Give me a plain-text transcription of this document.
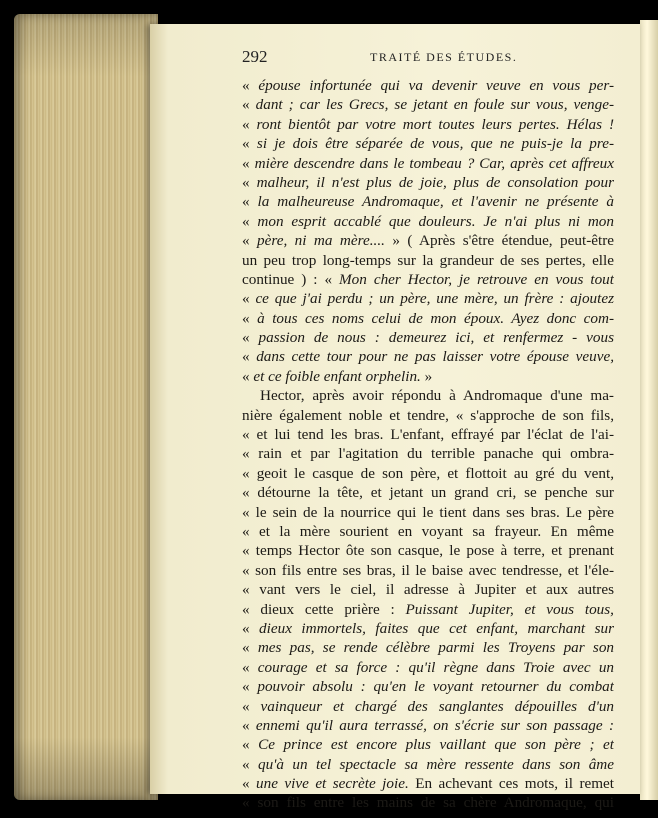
292	TRAITÉ DES ÉTUDES.
« épouse infortunée qui va devenir veuve en vous per-
« dant ; car les Grecs, se jetant en foule sur vous, venge-
« ront bientôt par votre mort toutes leurs pertes. Hélas !
« si je dois être séparée de vous, que ne puis-je la pre-
« mière descendre dans le tombeau ? Car, après cet affreux
« malheur, il n'est plus de joie, plus de consolation pour
« la malheureuse Andromaque, et l'avenir ne présente à
« mon esprit accablé que douleurs. Je n'ai plus ni mon
« père, ni ma mère.... » ( Après s'être étendue, peut-être
un peu trop long-temps sur la grandeur de ses pertes, elle
continue ) : « Mon cher Hector, je retrouve en vous tout
« ce que j'ai perdu ; un père, une mère, un frère : ajoutez
« à tous ces noms celui de mon époux. Ayez donc com-
« passion de nous : demeurez ici, et renfermez - vous
« dans cette tour pour ne pas laisser votre épouse veuve,
« et ce foible enfant orphelin. »
Hector, après avoir répondu à Andromaque d'une ma-
nière également noble et tendre, « s'approche de son fils,
« et lui tend les bras. L'enfant, effrayé par l'éclat de l'ai-
« rain et par l'agitation du terrible panache qui ombra-
« geoit le casque de son père, et flottoit au gré du vent,
« détourne la tête, et jetant un grand cri, se penche sur
« le sein de la nourrice qui le tient dans ses bras. Le père
« et la mère sourient en voyant sa frayeur. En même
« temps Hector ôte son casque, le pose à terre, et prenant
« son fils entre ses bras, il le baise avec tendresse, et l'éle-
« vant vers le ciel, il adresse à Jupiter et aux autres
« dieux cette prière : Puissant Jupiter, et vous tous,
« dieux immortels, faites que cet enfant, marchant sur
« mes pas, se rende célèbre parmi les Troyens par son
« courage et sa force : qu'il règne dans Troie avec un
« pouvoir absolu : qu'en le voyant retourner du combat
« vainqueur et chargé des sanglantes dépouilles d'un
« ennemi qu'il aura terrassé, on s'écrie sur son passage :
« Ce prince est encore plus vaillant que son père ; et
« qu'à un tel spectacle sa mère ressente dans son âme
« une vive et secrète joie. En achevant ces mots, il remet
« son fils entre les mains de sa chère Andromaque, qui
